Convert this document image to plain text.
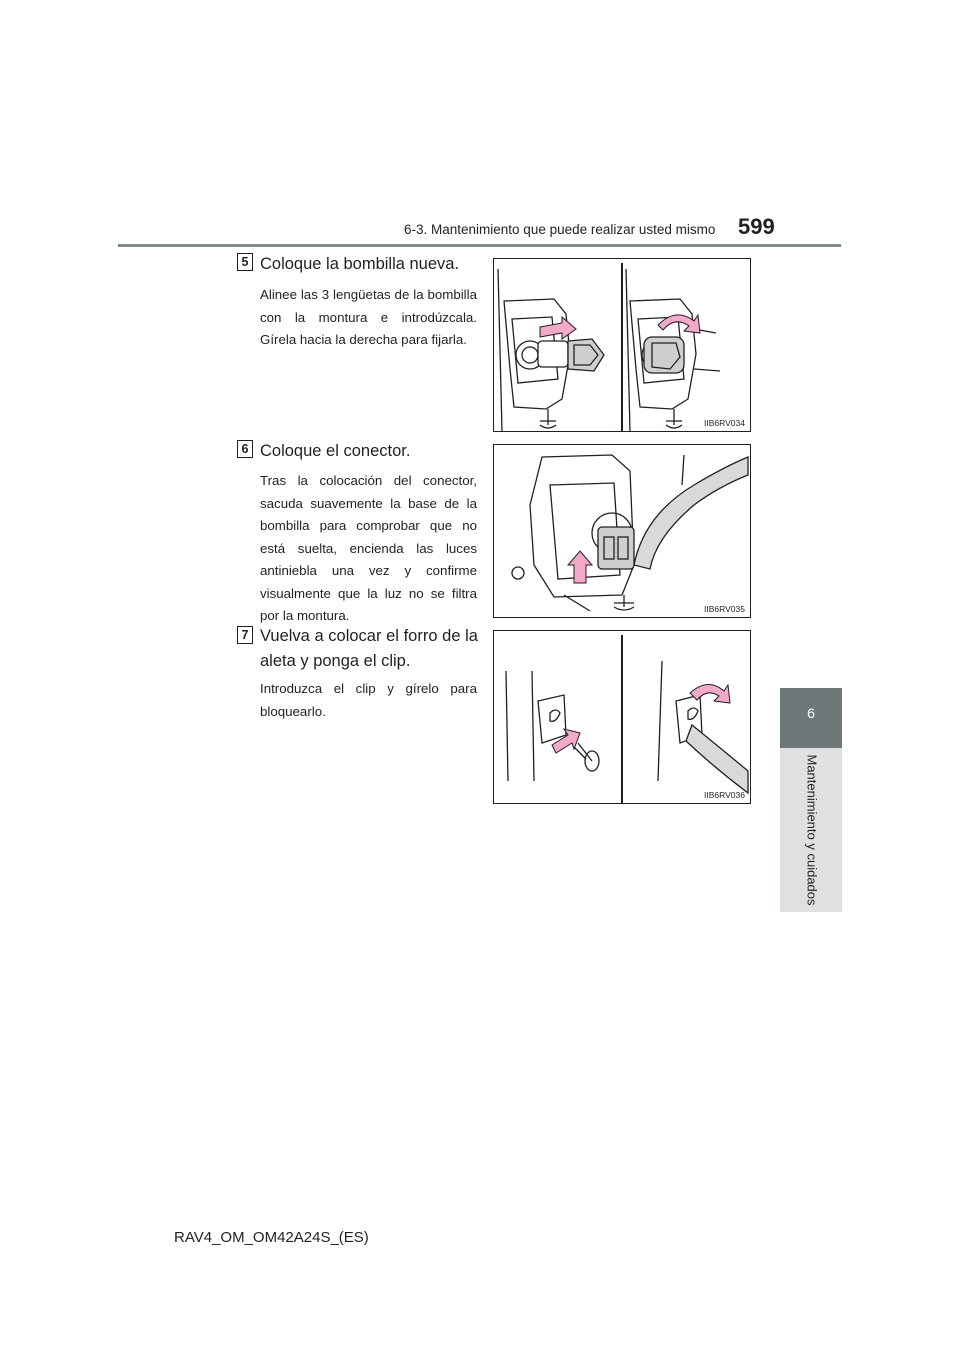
6-3. Mantenimiento que puede realizar usted mismo 599
6
Mantenimiento y cuidados
5 Coloque la bombilla nueva.
Alinee las 3 lengüetas de la bombilla con la montura e introdúzcala. Gírela hacia la derecha para fijarla.
IIB6RV034
6 Coloque el conector.
Tras la colocación del conector, sacuda suavemente la base de la bombilla para comprobar que no está suelta, encienda las luces antiniebla una vez y confirme visualmente que la luz no se filtra por la montura.	IIB6RV035
7 Vuelva a colocar el forro de la aleta y ponga el clip.
Introduzca el clip y gírelo para bloquearlo.
IIB6RV036
RAV4_OM_OM42A24S_(ES)
